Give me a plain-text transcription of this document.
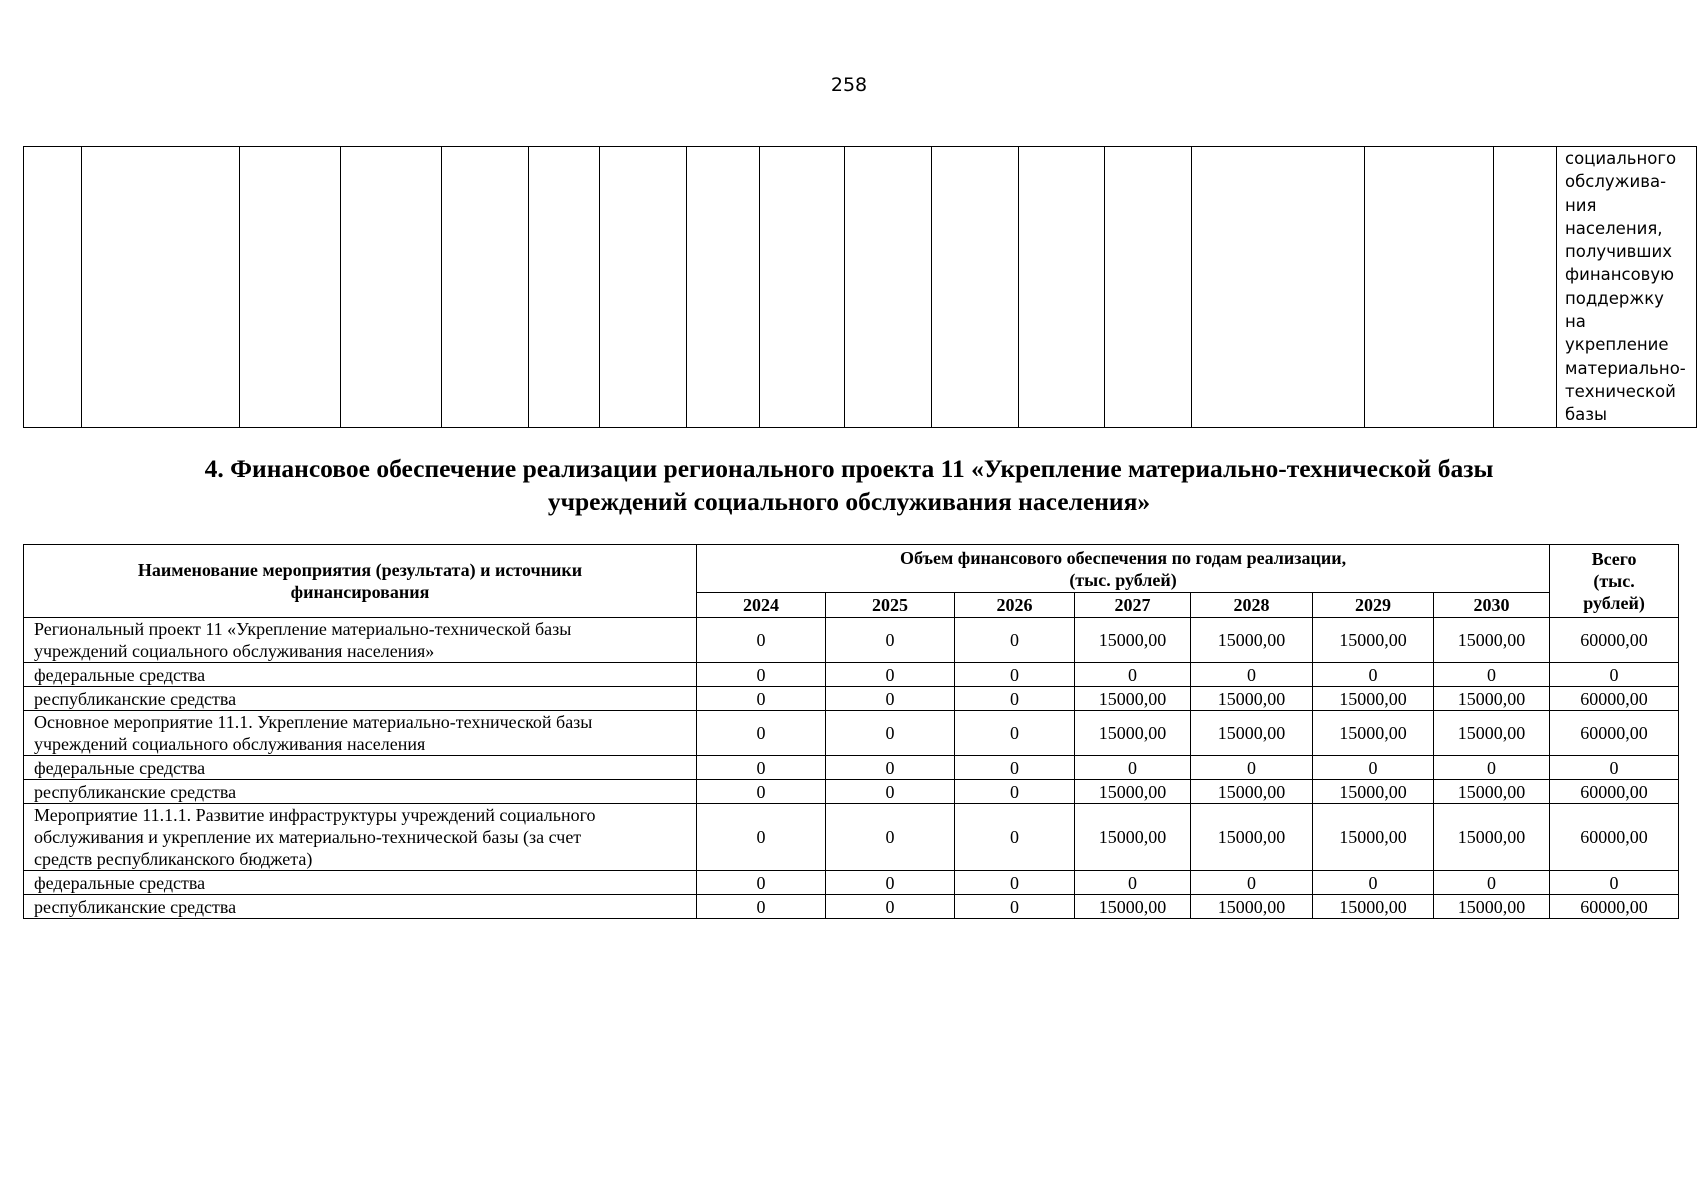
258

социального
обслужива-
ния
населения,
получивших
финансовую
поддержку
на
укрепление
материально-
технической
базы
4. Финансовое обеспечение реализации регионального проекта 11 «Укрепление материально-технической базы
учреждений социального обслуживания населения»
Наименование мероприятия (результата) и источники
финансирования	Объем финансового обеспечения по годам реализации,
(тыс. рублей)							Всего
(тыс.
рублей)

	2024	2025	2026	2027	2028	2029	2030	

Региональный проект 11 «Укрепление материально-технической базы
учреждений социального обслуживания населения»	0	0	0	15000,00	15000,00	15000,00	15000,00	60000,00

федеральные средства	0	0	0	0	0	0	0	0

республиканские средства	0	0	0	15000,00	15000,00	15000,00	15000,00	60000,00

Основное мероприятие 11.1. Укрепление материально-технической базы
учреждений социального обслуживания населения	0	0	0	15000,00	15000,00	15000,00	15000,00	60000,00

федеральные средства	0	0	0	0	0	0	0	0

республиканские средства	0	0	0	15000,00	15000,00	15000,00	15000,00	60000,00

Мероприятие 11.1.1. Развитие инфраструктуры учреждений социального
обслуживания и укрепление их материально-технической базы (за счет
средств республиканского бюджета)	0	0	0	15000,00	15000,00	15000,00	15000,00	60000,00

федеральные средства	0	0	0	0	0	0	0	0

республиканские средства	0	0	0	15000,00	15000,00	15000,00	15000,00	60000,00
